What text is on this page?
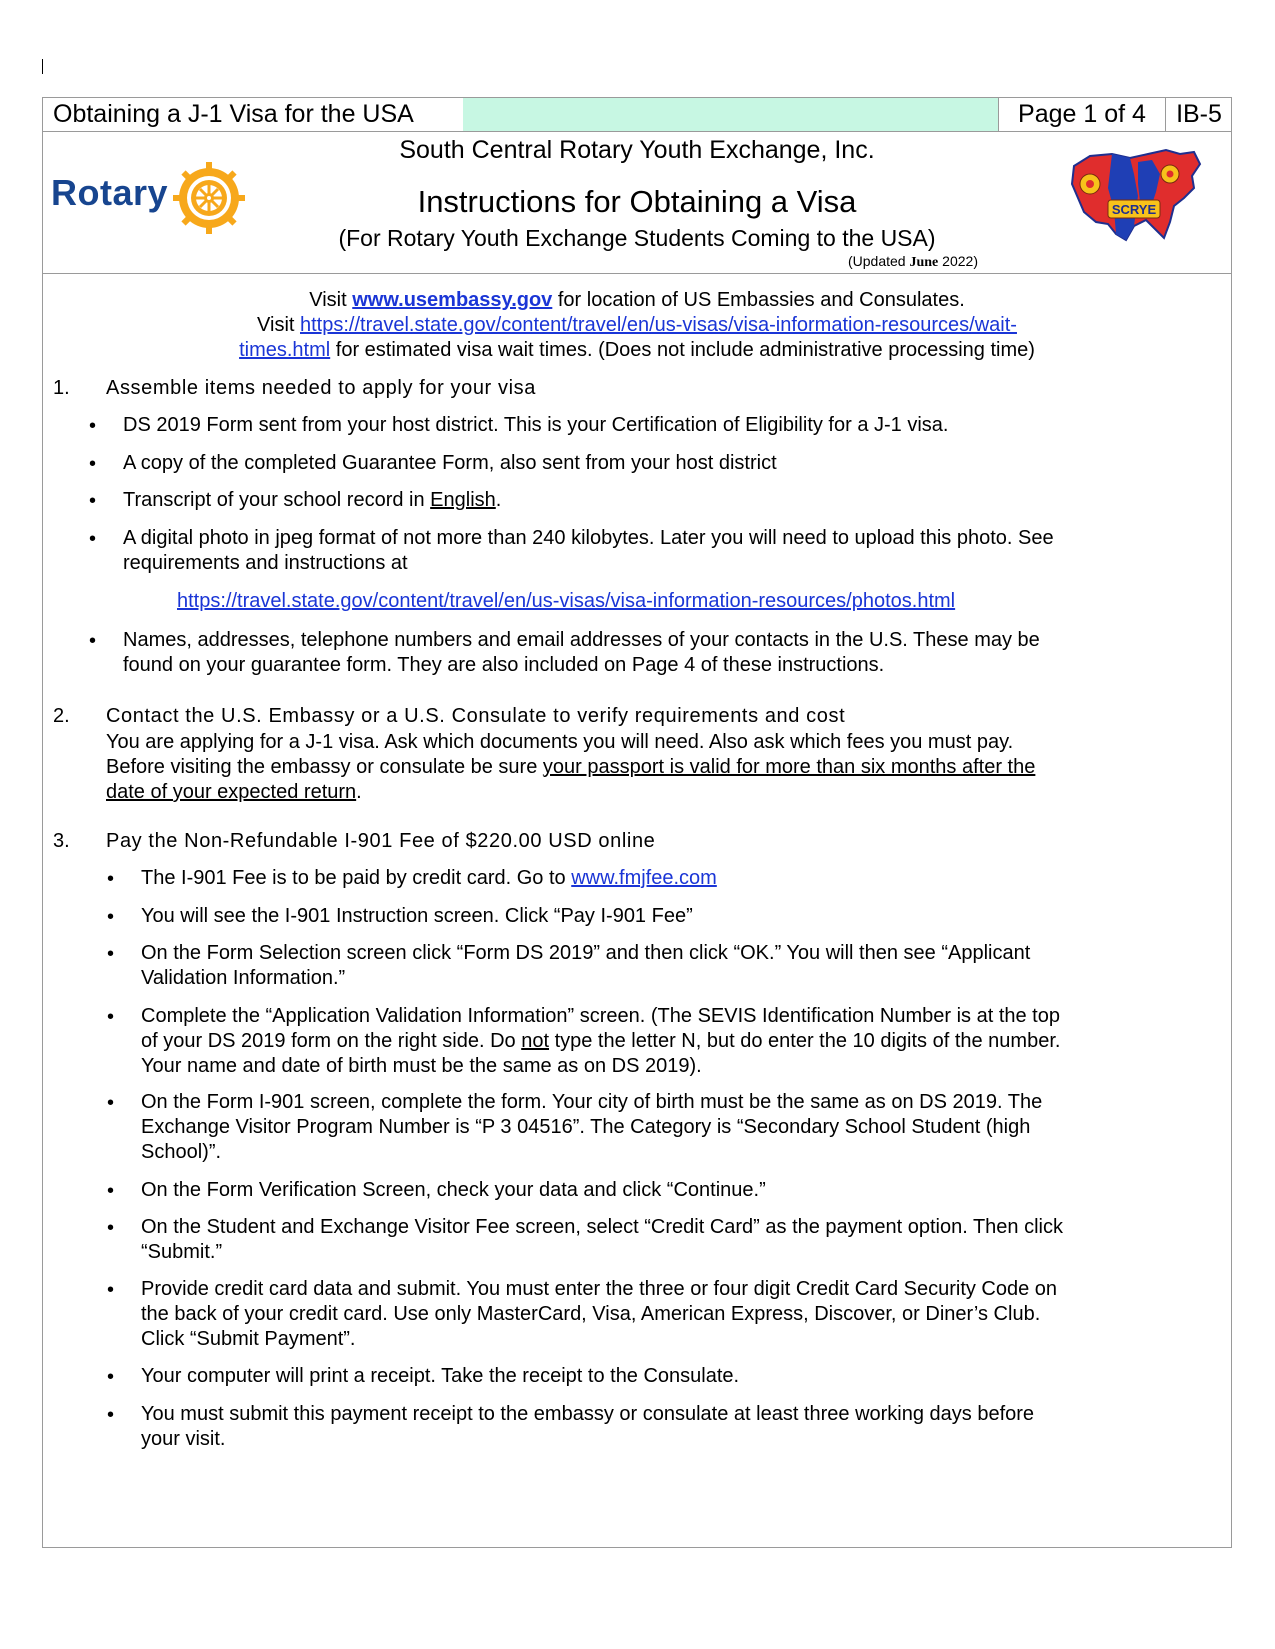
Obtaining a J-1 Visa for the USA	Page 1 of 4	IB-5
Rotary
South Central Rotary Youth Exchange, Inc.
Instructions for Obtaining a Visa
(For Rotary Youth Exchange Students Coming to the USA)
(Updated June 2022)
SCRYE
Visit www.usembassy.gov for location of US Embassies and Consulates.
Visit https://travel.state.gov/content/travel/en/us-visas/visa-information-resources/wait-
times.html for estimated visa wait times. (Does not include administrative processing time)
1. Assemble items needed to apply for your visa
• DS 2019 Form sent from your host district. This is your Certification of Eligibility for a J-1 visa.
• A copy of the completed Guarantee Form, also sent from your host district
• Transcript of your school record in English.
• A digital photo in jpeg format of not more than 240 kilobytes. Later you will need to upload this photo. See
requirements and instructions at
https://travel.state.gov/content/travel/en/us-visas/visa-information-resources/photos.html
• Names, addresses, telephone numbers and email addresses of your contacts in the U.S. These may be
found on your guarantee form. They are also included on Page 4 of these instructions.
2. Contact the U.S. Embassy or a U.S. Consulate to verify requirements and cost
You are applying for a J-1 visa. Ask which documents you will need. Also ask which fees you must pay.
Before visiting the embassy or consulate be sure your passport is valid for more than six months after the
date of your expected return.
3. Pay the Non-Refundable I-901 Fee of $220.00 USD online
• The I-901 Fee is to be paid by credit card. Go to www.fmjfee.com
• You will see the I-901 Instruction screen. Click “Pay I-901 Fee”
• On the Form Selection screen click “Form DS 2019” and then click “OK.” You will then see “Applicant
Validation Information.”
• Complete the “Application Validation Information” screen. (The SEVIS Identification Number is at the top
of your DS 2019 form on the right side. Do not type the letter N, but do enter the 10 digits of the number.
Your name and date of birth must be the same as on DS 2019).
• On the Form I-901 screen, complete the form. Your city of birth must be the same as on DS 2019. The
Exchange Visitor Program Number is “P 3 04516”. The Category is “Secondary School Student (high
School)”.
• On the Form Verification Screen, check your data and click “Continue.”
• On the Student and Exchange Visitor Fee screen, select “Credit Card” as the payment option. Then click
“Submit.”
• Provide credit card data and submit. You must enter the three or four digit Credit Card Security Code on
the back of your credit card. Use only MasterCard, Visa, American Express, Discover, or Diner’s Club.
Click “Submit Payment”.
• Your computer will print a receipt. Take the receipt to the Consulate.
• You must submit this payment receipt to the embassy or consulate at least three working days before
your visit.
